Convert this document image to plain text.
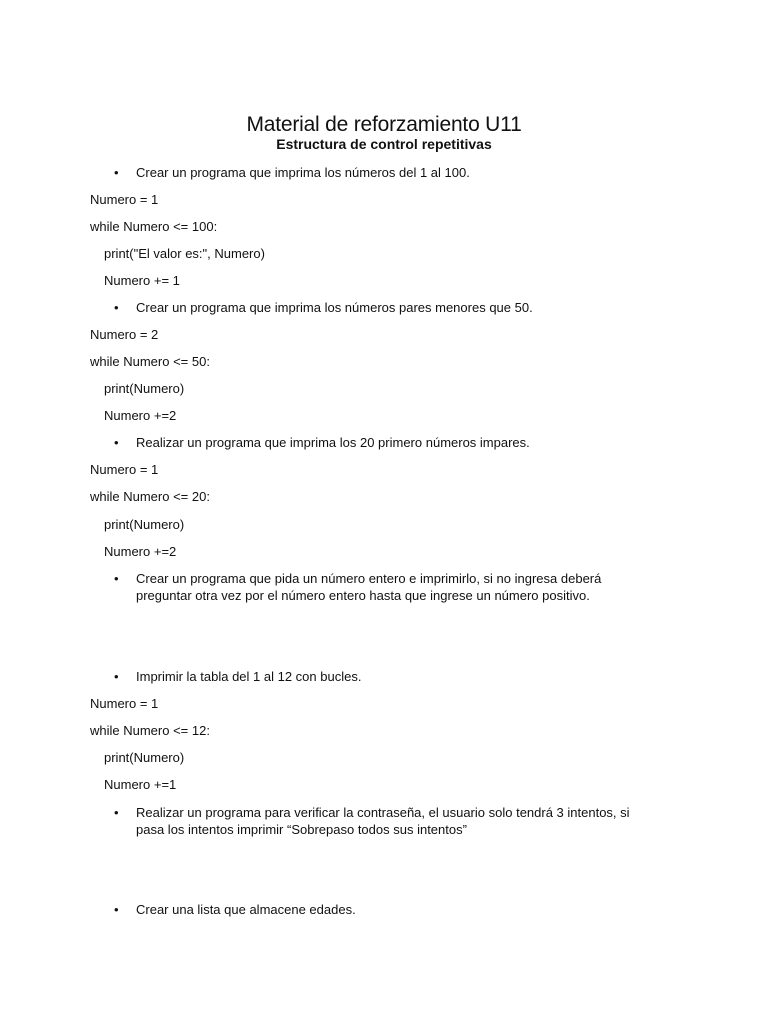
Material de reforzamiento U11
Estructura de control repetitivas
• Crear un programa que imprima los números del 1 al 100.

Numero = 1

while Numero <= 100:

print("El valor es:", Numero)

Numero += 1

• Crear un programa que imprima los números pares menores que 50.

Numero = 2

while Numero <= 50:

print(Numero)

Numero +=2

• Realizar un programa que imprima los 20 primero números impares.

Numero = 1

while Numero <= 20:

print(Numero)

Numero +=2

• Crear un programa que pida un número entero e imprimirlo, si no ingresa deberá

preguntar otra vez por el número entero hasta que ingrese un número positivo.

• Imprimir la tabla del 1 al 12 con bucles.

Numero = 1

while Numero <= 12:

print(Numero)

Numero +=1

• Realizar un programa para verificar la contraseña, el usuario solo tendrá 3 intentos, si

pasa los intentos imprimir “Sobrepaso todos sus intentos”

• Crear una lista que almacene edades.
